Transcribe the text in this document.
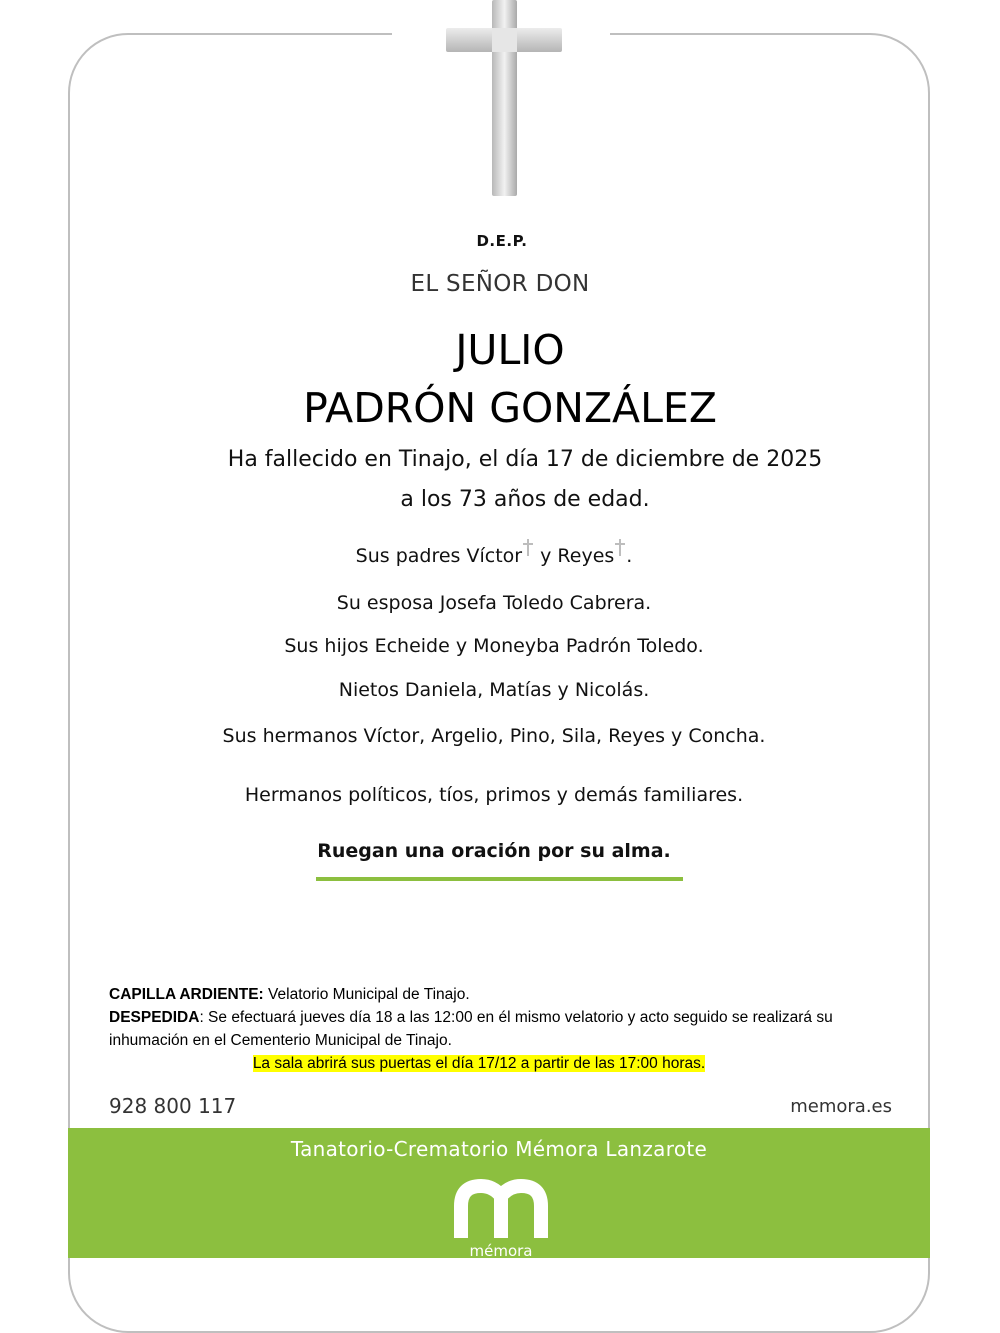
D.E.P.
EL SEÑOR DON
JULIO
PADRÓN GONZÁLEZ
Ha fallecido en Tinajo, el día 17 de diciembre de 2025
a los 73 años de edad.
Sus padres Víctor y Reyes .
Su esposa Josefa Toledo Cabrera.
Sus hijos Echeide y Moneyba Padrón Toledo.
Nietos Daniela, Matías y Nicolás.
Sus hermanos Víctor, Argelio, Pino, Sila, Reyes y Concha.
Hermanos políticos, tíos, primos y demás familiares.
Ruegan una oración por su alma.
CAPILLA ARDIENTE: Velatorio Municipal de Tinajo.
DESPEDIDA: Se efectuará jueves día 18 a las 12:00 en él mismo velatorio y acto seguido se realizará su inhumación en el Cementerio Municipal de Tinajo.
La sala abrirá sus puertas el día 17/12 a partir de las 17:00 horas.
928 800 117	memora.es
Tanatorio-Crematorio Mémora Lanzarote
mémora
